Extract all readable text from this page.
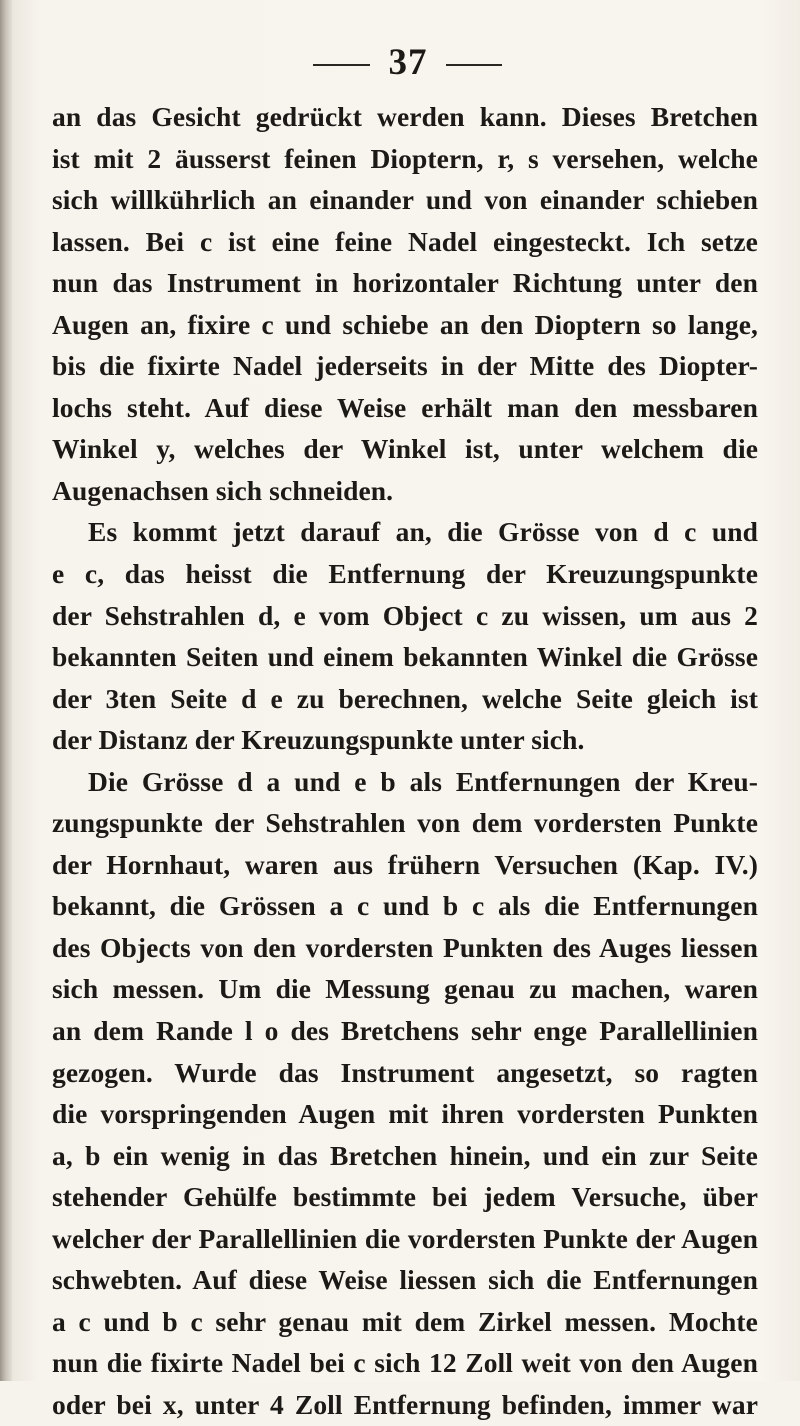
37
an das Gesicht gedrückt werden kann. Dieses Bretchen
ist mit 2 äusserst feinen Dioptern, r, s versehen, welche
sich willkührlich an einander und von einander schieben
lassen. Bei c ist eine feine Nadel eingesteckt. Ich setze
nun das Instrument in horizontaler Richtung unter den
Augen an, fixire c und schiebe an den Dioptern so lange,
bis die fixirte Nadel jederseits in der Mitte des Diopter-
lochs steht. Auf diese Weise erhält man den messbaren
Winkel y, welches der Winkel ist, unter welchem die
Augenachsen sich schneiden.
Es kommt jetzt darauf an, die Grösse von d c und
e c, das heisst die Entfernung der Kreuzungspunkte
der Sehstrahlen d, e vom Object c zu wissen, um aus 2
bekannten Seiten und einem bekannten Winkel die Grösse
der 3ten Seite d e zu berechnen, welche Seite gleich ist
der Distanz der Kreuzungspunkte unter sich.
Die Grösse d a und e b als Entfernungen der Kreu-
zungspunkte der Sehstrahlen von dem vordersten Punkte
der Hornhaut, waren aus frühern Versuchen (Kap. IV.)
bekannt, die Grössen a c und b c als die Entfernungen
des Objects von den vordersten Punkten des Auges liessen
sich messen. Um die Messung genau zu machen, waren
an dem Rande l o des Bretchens sehr enge Parallellinien
gezogen. Wurde das Instrument angesetzt, so ragten
die vorspringenden Augen mit ihren vordersten Punkten
a, b ein wenig in das Bretchen hinein, und ein zur Seite
stehender Gehülfe bestimmte bei jedem Versuche, über
welcher der Parallellinien die vordersten Punkte der Augen
schwebten. Auf diese Weise liessen sich die Entfernungen
a c und b c sehr genau mit dem Zirkel messen. Mochte
nun die fixirte Nadel bei c sich 12 Zoll weit von den Augen
oder bei x, unter 4 Zoll Entfernung befinden, immer war
